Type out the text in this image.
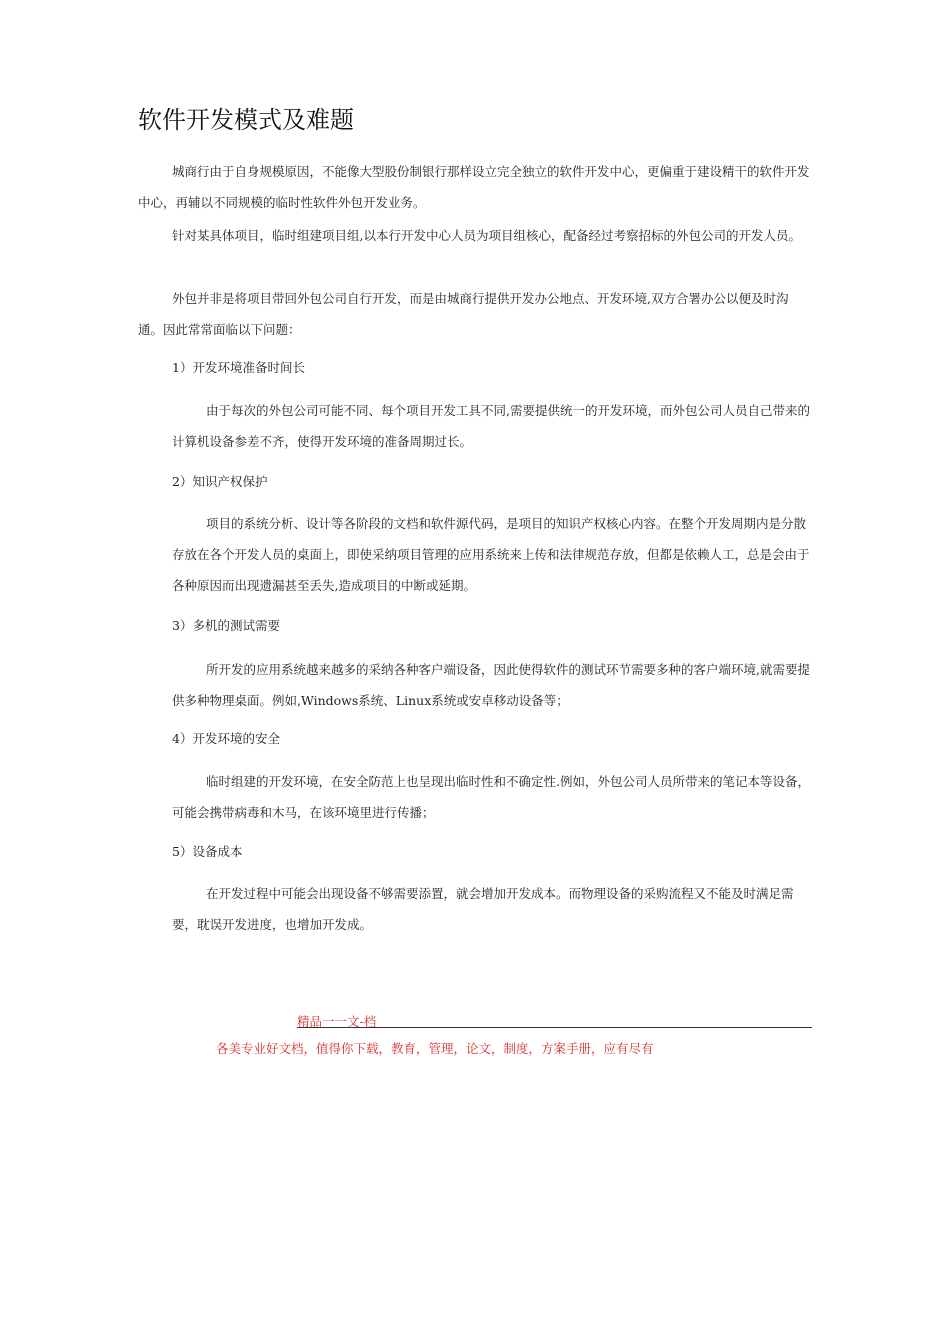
软件开发模式及难题

城商行由于自身规模原因，不能像大型股份制银行那样设立完全独立的软件开发中心，更偏重于建设精干的软件开发中心，再辅以不同规模的临时性软件外包开发业务。

针对某具体项目，临时组建项目组,以本行开发中心人员为项目组核心，配备经过考察招标的外包公司的开发人员。

外包并非是将项目带回外包公司自行开发，而是由城商行提供开发办公地点、开发环境,双方合署办公以便及时沟通。因此常常面临以下问题：

1）开发环境准备时间长

由于每次的外包公司可能不同、每个项目开发工具不同,需要提供统一的开发环境，而外包公司人员自己带来的计算机设备参差不齐，使得开发环境的准备周期过长。

2）知识产权保护

项目的系统分析、设计等各阶段的文档和软件源代码，是项目的知识产权核心内容。在整个开发周期内是分散存放在各个开发人员的桌面上，即使采纳项目管理的应用系统来上传和法律规范存放，但都是依赖人工，总是会由于各种原因而出现遗漏甚至丢失,造成项目的中断或延期。

3）多机的测试需要

所开发的应用系统越来越多的采纳各种客户端设备，因此使得软件的测试环节需要多种的客户端环境,就需要提供多种物理桌面。例如,Windows系统、Linux系统或安卓移动设备等；

4）开发环境的安全

临时组建的开发环境，在安全防范上也呈现出临时性和不确定性.例如，外包公司人员所带来的笔记本等设备，可能会携带病毒和木马，在该环境里进行传播；

5）设备成本

在开发过程中可能会出现设备不够需要添置，就会增加开发成本。而物理设备的采购流程又不能及时满足需要，耽误开发进度，也增加开发成。

精品一一文-档
各美专业好文档，值得你下载，教育，管理，论文，制度，方案手册，应有尽有
